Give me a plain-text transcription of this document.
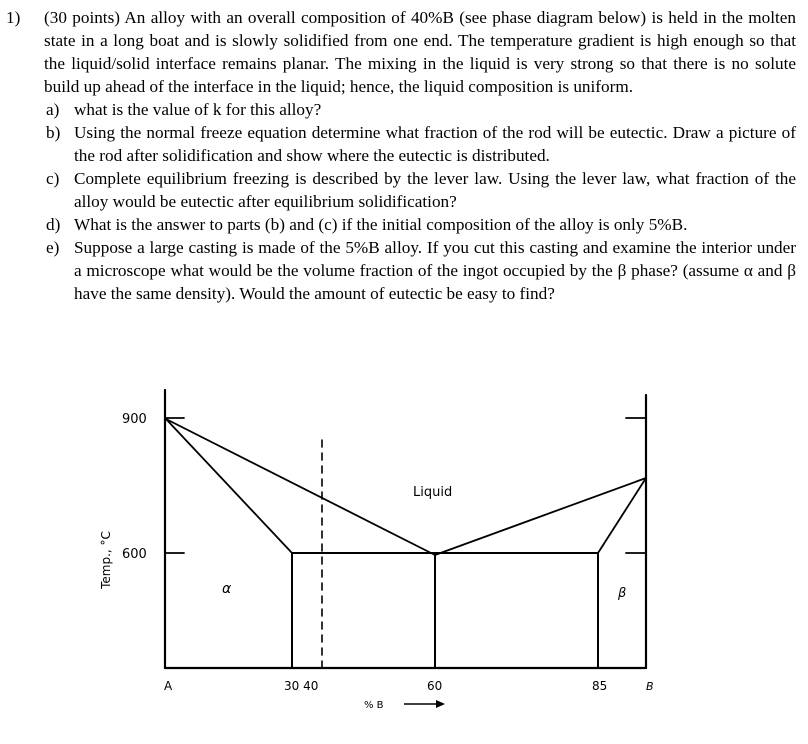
1) (30 points) An alloy with an overall composition of 40%B (see phase diagram below) is held in the molten state in a long boat and is slowly solidified from one end. The temperature gradient is high enough so that the liquid/solid interface remains planar. The mixing in the liquid is very strong so that there is no solute build up ahead of the interface in the liquid; hence, the liquid composition is uniform.

a) what is the value of k for this alloy?
b) Using the normal freeze equation determine what fraction of the rod will be eutectic. Draw a picture of the rod after solidification and show where the eutectic is distributed.
c) Complete equilibrium freezing is described by the lever law. Using the lever law, what fraction of the alloy would be eutectic after equilibrium solidification?
d) What is the answer to parts (b) and (c) if the initial composition of the alloy is only 5%B.
e) Suppose a large casting is made of the 5%B alloy. If you cut this casting and examine the interior under a microscope what would be the volume fraction of the ingot occupied by the β phase? (assume α and β have the same density). Would the amount of eutectic be easy to find?
Temp., °C
900
600
Liquid
α	β
A	30 40	60	85	B
% B
